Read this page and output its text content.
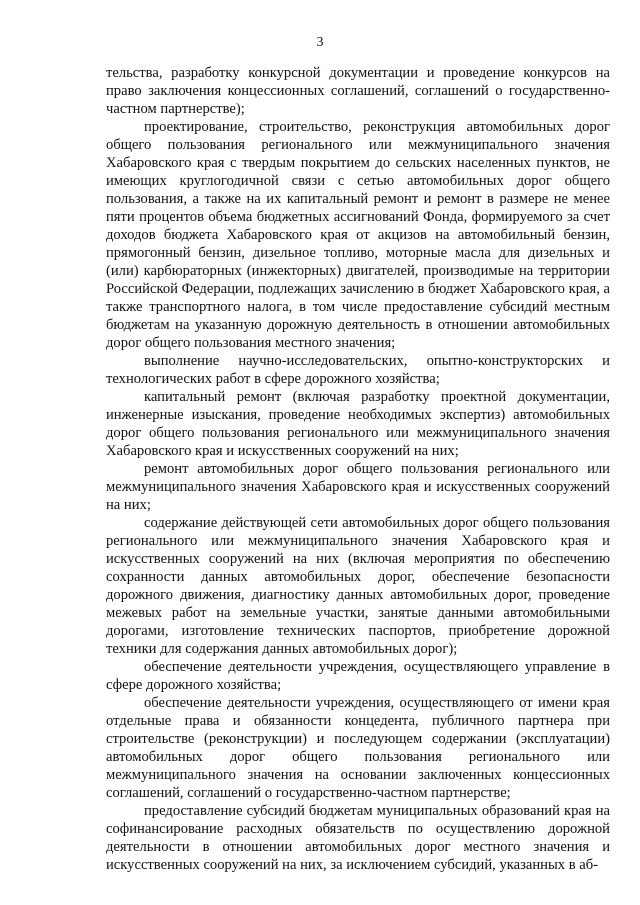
3

тельства, разработку конкурсной документации и проведение конкурсов на право заключения концессионных соглашений, соглашений о государственно-частном партнерстве);

проектирование, строительство, реконструкция автомобильных дорог общего пользования регионального или межмуниципального значения Хабаровского края с твердым покрытием до сельских населенных пунктов, не имеющих круглогодичной связи с сетью автомобильных дорог общего пользования, а также на их капитальный ремонт и ремонт в размере не менее пяти процентов объема бюджетных ассигнований Фонда, формируемого за счет доходов бюджета Хабаровского края от акцизов на автомобильный бензин, прямогонный бензин, дизельное топливо, моторные масла для дизельных и (или) карбюраторных (инжекторных) двигателей, производимые на территории Российской Федерации, подлежащих зачислению в бюджет Хабаровского края, а также транспортного налога, в том числе предоставление субсидий местным бюджетам на указанную дорожную деятельность в отношении автомобильных дорог общего пользования местного значения;

выполнение научно-исследовательских, опытно-конструкторских и технологических работ в сфере дорожного хозяйства;

капитальный ремонт (включая разработку проектной документации, инженерные изыскания, проведение необходимых экспертиз) автомобильных дорог общего пользования регионального или межмуниципального значения Хабаровского края и искусственных сооружений на них;

ремонт автомобильных дорог общего пользования регионального или межмуниципального значения Хабаровского края и искусственных сооружений на них;

содержание действующей сети автомобильных дорог общего пользования регионального или межмуниципального значения Хабаровского края и искусственных сооружений на них (включая мероприятия по обеспечению сохранности данных автомобильных дорог, обеспечение безопасности дорожного движения, диагностику данных автомобильных дорог, проведение межевых работ на земельные участки, занятые данными автомобильными дорогами, изготовление технических паспортов, приобретение дорожной техники для содержания данных автомобильных дорог);

обеспечение деятельности учреждения, осуществляющего управление в сфере дорожного хозяйства;

обеспечение деятельности учреждения, осуществляющего от имени края отдельные права и обязанности концедента, публичного партнера при строительстве (реконструкции) и последующем содержании (эксплуатации) автомобильных дорог общего пользования регионального или межмуниципального значения на основании заключенных концессионных соглашений, соглашений о государственно-частном партнерстве;

предоставление субсидий бюджетам муниципальных образований края на софинансирование расходных обязательств по осуществлению дорожной деятельности в отношении автомобильных дорог местного значения и искусственных сооружений на них, за исключением субсидий, указанных в аб-
